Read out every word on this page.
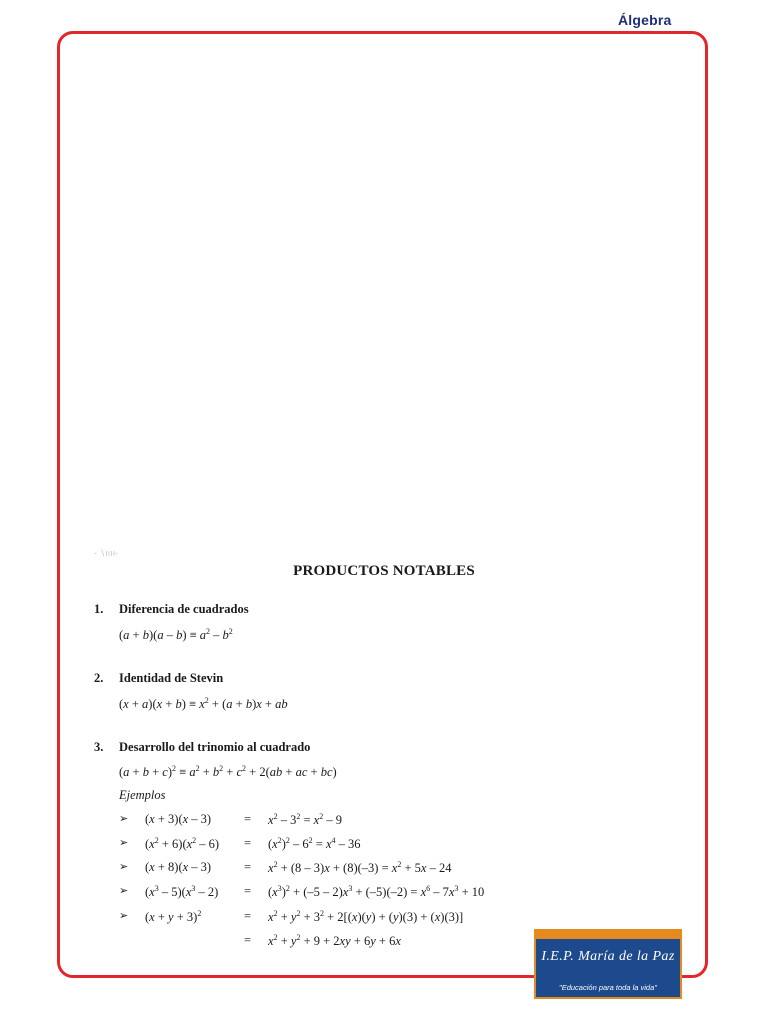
Álgebra
- ∖ıııı-
PRODUCTOS NOTABLES
1. Diferencia de cuadrados
$(a + b)(a - b) \equiv a^2 - b^2$
2. Identidad de Stevin
$(x + a)(x + b) \equiv x^2 + (a + b)x$ + ab
3. Desarrollo del trinomio al cuadrado
$(a + b + c)^2 \equiv a^2 + b^2 + c^2 + 2(ab$ + ac + bc)
Ejemplos
➢ (x + 3)(x – 3)	= $x^2 - 3^2 = x^2 - 9$
➢ $(x^2 + 6)(x^2 - 6) = (x^2)^2 - 6^2 = x^4 - 36$
➢ (x + 8)(x – 3)	= $x^2 + (8 - 3)x + (8)(-3) = x^2 + 5x - 24$
➢ $(x^3 - 5)(x^3 - 2) = (x^3)^2 + (-5 - 2)x^3 + (-5)(-2) = x^6 - 7x^3 + 10$
➢ $(x + y + 3)^2$	= $x^2 + y^2 + 3^2 + 2[(x)(y) + (y)(3) + (x)(3)]$
= $x^2 + y^2 + 9 + 2xy + 6y + 6x$
I.E.P. María de la Paz
"Educación para toda la vida"
